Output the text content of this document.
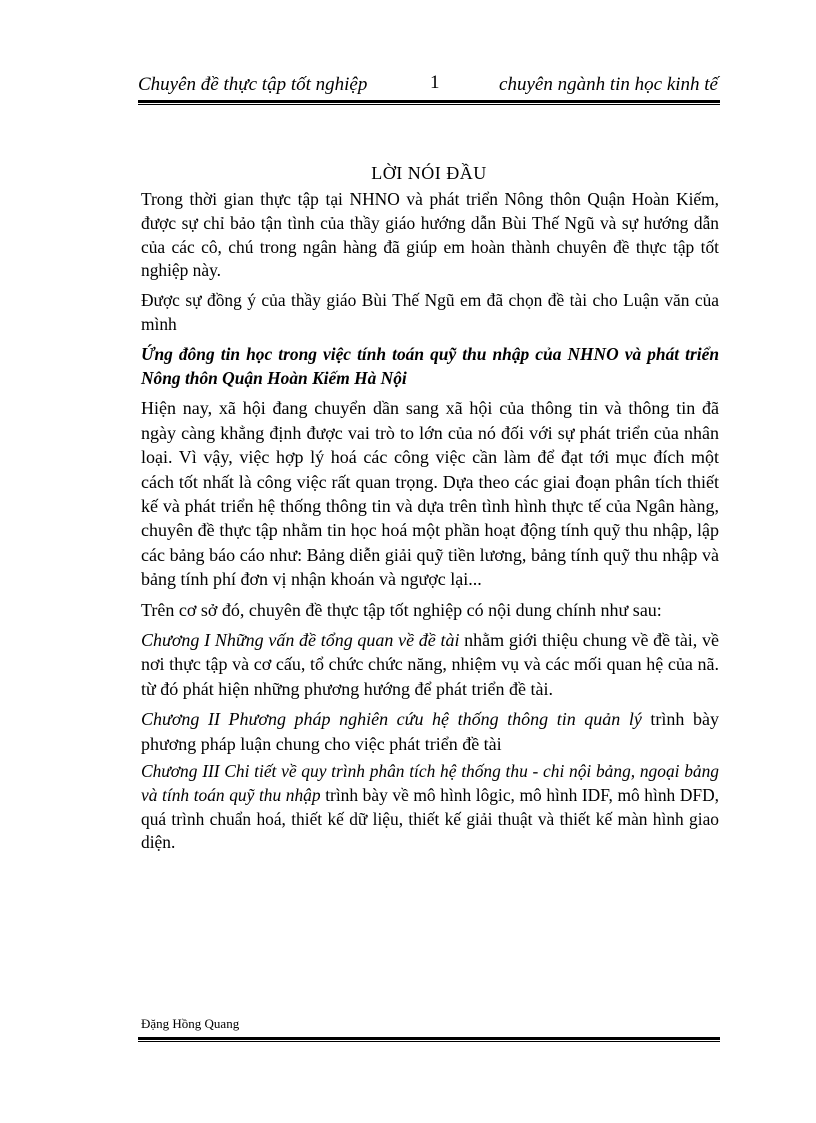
Chuyên đề thực tập tốt nghiệp	1	chuyên ngành tin học kinh tế
LỜI NÓI ĐẦU

Trong thời gian thực tập tại NHNO và phát triển Nông thôn Quận Hoàn Kiếm, được sự chỉ bảo tận tình của thầy giáo hướng dẫn Bùi Thế Ngũ và sự hướng dẫn của các cô, chú trong ngân hàng đã giúp em hoàn thành chuyên đề thực tập tốt nghiệp này.

Được sự đồng ý của thầy giáo Bùi Thế Ngũ em đã chọn đề tài cho Luận văn của mình

Ứng đông tin học trong việc tính toán quỹ thu nhập của NHNO và phát triển Nông thôn Quận Hoàn Kiếm Hà Nội

Hiện nay, xã hội đang chuyển dần sang xã hội của thông tin và thông tin đã ngày càng khẳng định được vai trò to lớn của nó đối với sự phát triển của nhân loại. Vì vậy, việc hợp lý hoá các công việc cần làm để đạt tới mục đích một cách tốt nhất là công việc rất quan trọng. Dựa theo các giai đoạn phân tích thiết kế và phát triển hệ thống thông tin và dựa trên tình hình thực tế của Ngân hàng, chuyên đề thực tập nhằm tin học hoá một phần hoạt động tính quỹ thu nhập, lập các bảng báo cáo như: Bảng diễn giải quỹ tiền lương, bảng tính quỹ thu nhập và bảng tính phí đơn vị nhận khoán và ngược lại...

Trên cơ sở đó, chuyên đề thực tập tốt nghiệp có nội dung chính như sau:

Chương I Những vấn đề tổng quan về đề tài nhằm giới thiệu chung về đề tài, về nơi thực tập và cơ cấu, tổ chức chức năng, nhiệm vụ và các mối quan hệ của nã. từ đó phát hiện những phương hướng để phát triển đề tài.

Chương II Phương pháp nghiên cứu hệ thống thông tin quản lý trình bày phương pháp luận chung cho việc phát triển đề tài

Chương III Chi tiết về quy trình phân tích hệ thống thu - chi nội bảng, ngoại bảng và tính toán quỹ thu nhập trình bày về mô hình lôgic, mô hình IDF, mô hình DFD, quá trình chuẩn hoá, thiết kế dữ liệu, thiết kế giải thuật và thiết kế màn hình giao diện.

Đặng Hồng Quang
